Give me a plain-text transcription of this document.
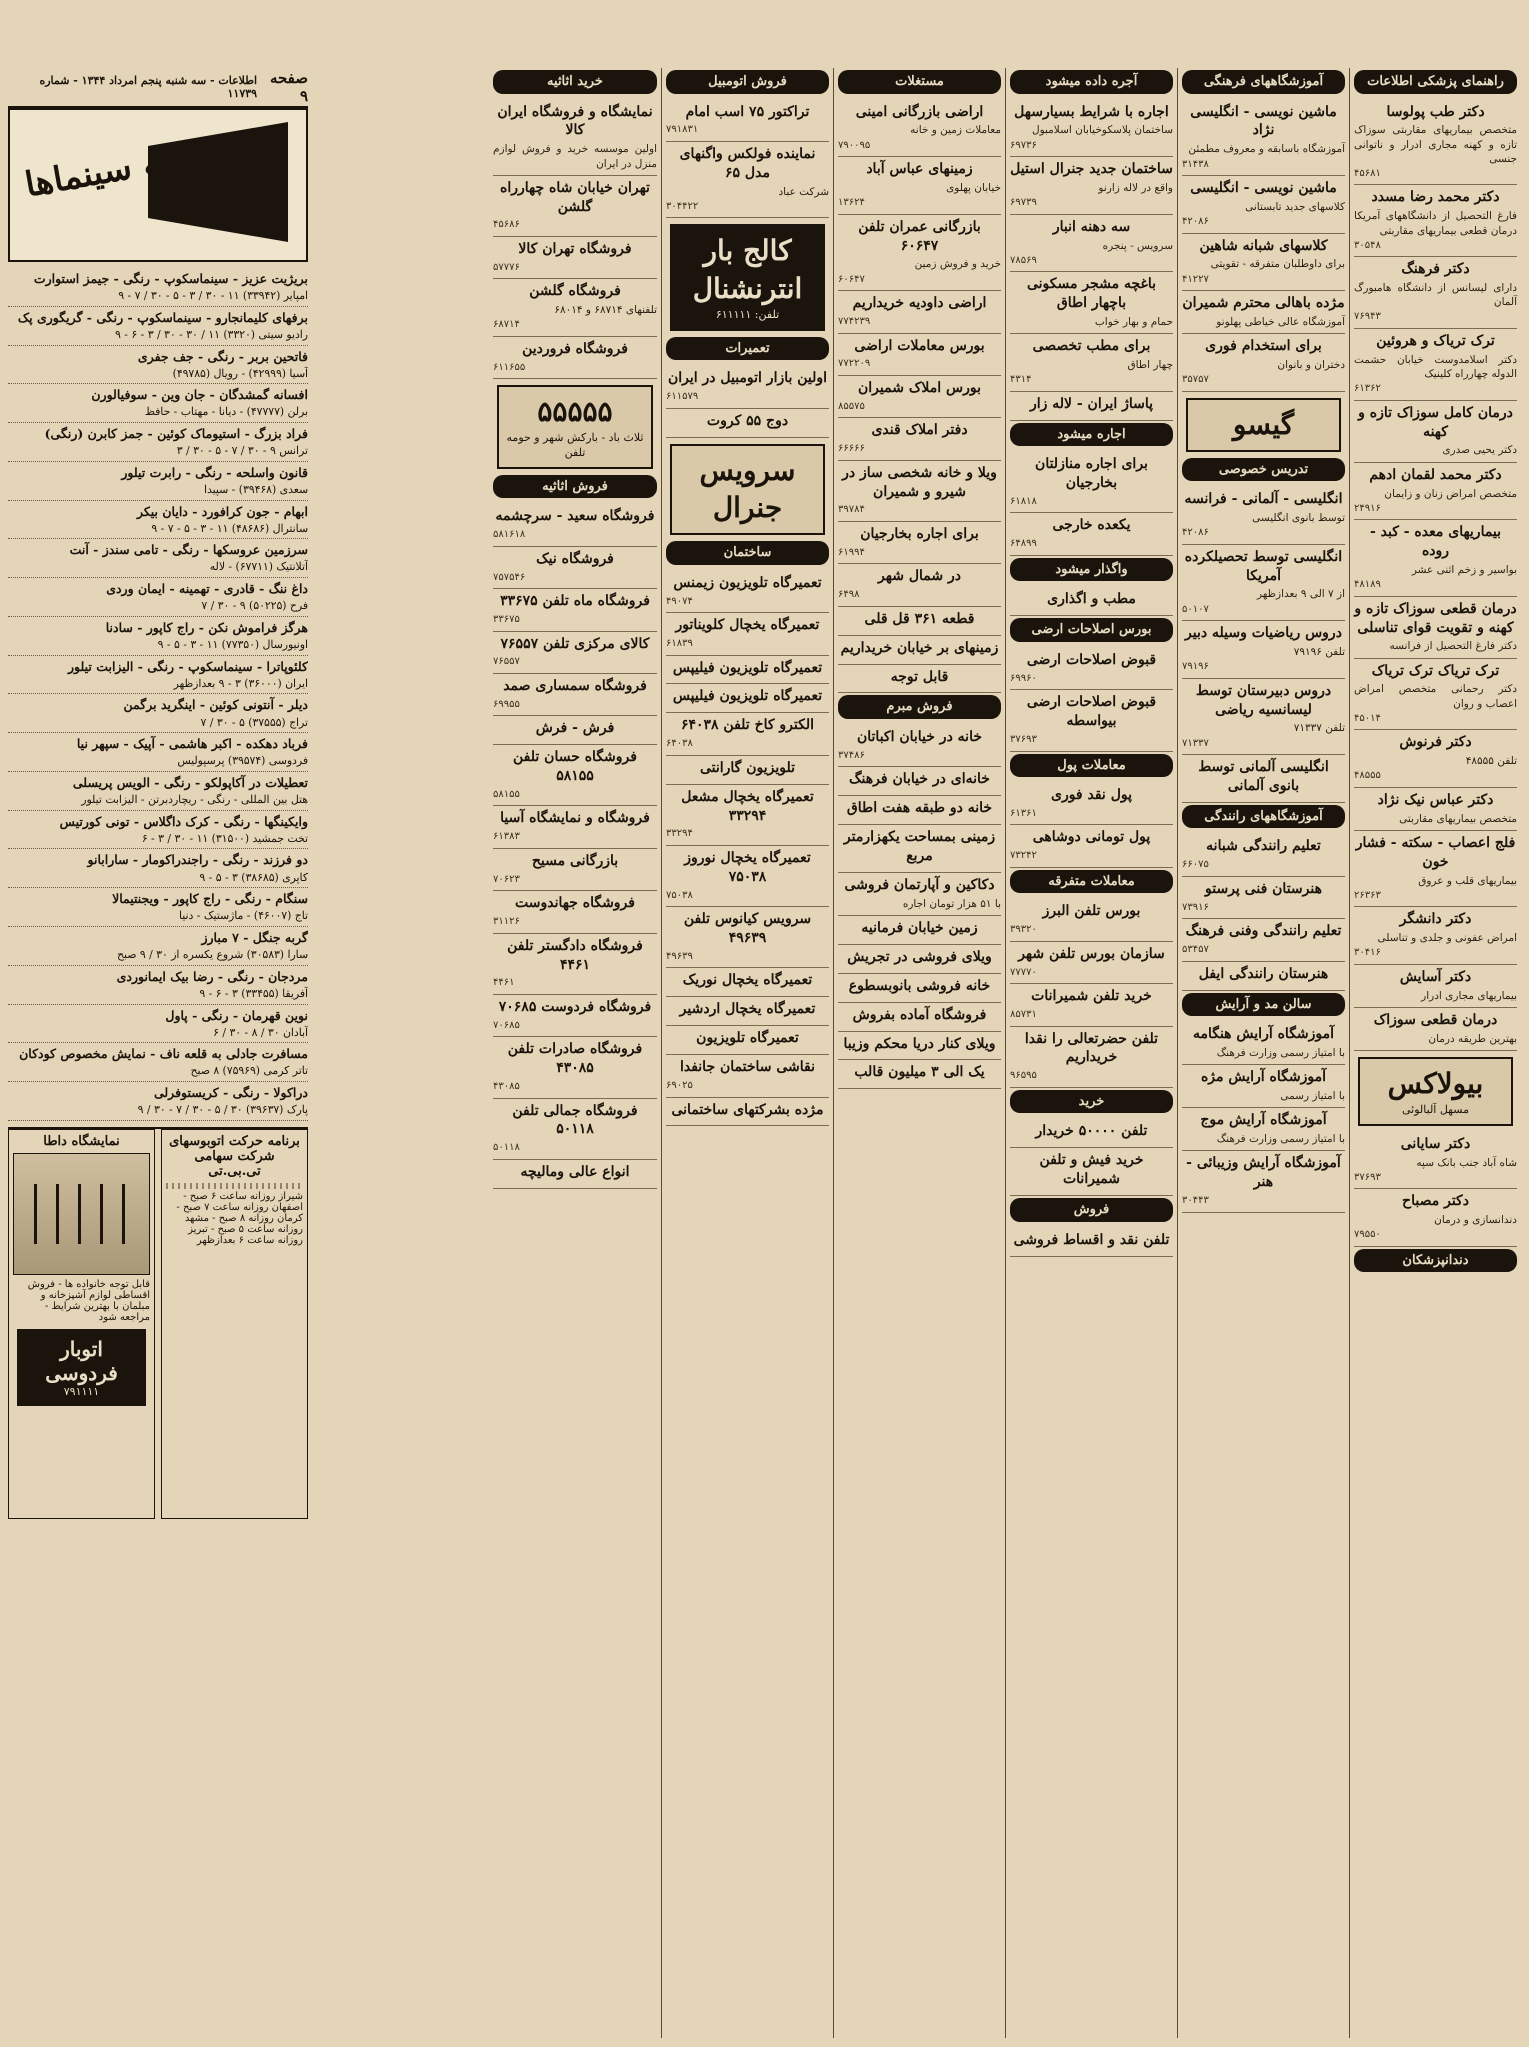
صفحه ۹
اطلاعات - سه شنبه پنجم امرداد ۱۳۴۴ - شماره ۱۱۷۳۹
برنامه سینماها
بریژیت عزیز - سینماسکوپ - رنگی - جیمز استوارت
امپایر (۳۳۹۴۲) ۱۱ - ۳۰ / ۳ - ۵ - ۳۰ / ۷ - ۹
برفهای کلیمانجارو - سینماسکوپ - رنگی - گریگوری پک
رادیو سیتی (۳۳۲۰) ۱۱ / ۳۰ - ۳۰ / ۳ - ۶ - ۹
فاتحین بربر - رنگی - جف جفری
آسیا (۴۲۹۹۹) - رویال (۴۹۷۸۵)
افسانه گمشدگان - جان وین - سوفیالورن
برلن (۴۷۷۷۷) - دیانا - مهتاب - حافظ
فراد بزرگ - استیوماک کوئین - جمز کابرن (رنگی)
ترانس ۹ - ۳۰ / ۷ - ۵ - ۳۰ / ۳
قانون واسلحه - رنگی - رابرت تیلور
سعدی (۳۹۴۶۸) - سپیدا
ابهام - جون کرافورد - دایان بیکر
سانترال (۴۸۶۸۶) ۱۱ - ۳ - ۵ - ۷ - ۹
سرزمین عروسکها - رنگی - تامی سندز - آنت
آتلانتیک (۶۷۷۱۱) - لاله
داغ ننگ - قادری - تهمینه - ایمان وردی
فرح (۵۰۲۲۵) ۹ - ۳۰ / ۷
هرگز فراموش نکن - راج کاپور - سادنا
اونیورسال (۷۷۳۵۰) ۱۱ - ۳ - ۵ - ۹
کلئوپاترا - سینماسکوپ - رنگی - الیزابت تیلور
ایران (۳۶۰۰۰) ۳ - ۹ بعدازظهر
دیلر - آنتونی کوئین - اینگرید برگمن
تراج (۳۷۵۵۵) ۵ - ۳۰ / ۷
فرباد دهکده - اکبر هاشمی - آپیک - سپهر نیا
فردوسی (۳۹۵۷۴) پرسپولیس
تعطیلات در آکاپولکو - رنگی - الویس پریسلی
هتل بین المللی - رنگی - ریچاردبرتن - الیزابت تیلور
وایکینگها - رنگی - کرک داگلاس - تونی کورتیس
تخت جمشید (۳۱۵۰۰) ۱۱ - ۳۰ / ۳ - ۶
دو فرزند - رنگی - راجندراکومار - سارابانو
کاپری (۳۸۶۸۵) ۳ - ۵ - ۹
سنگام - رنگی - راج کاپور - ویجنتیمالا
تاج (۴۶۰۰۷) - ماژستیک - دنیا
گربه جنگل - ۷ مبارز
سارا (۳۰۵۸۳) شروع یکسره از ۳۰ / ۹ صبح
مردجان - رنگی - رضا بیک ایمانوردی
آفریقا (۳۳۴۵۵) ۳ - ۶ - ۹
نوین قهرمان - رنگی - پاول
آبادان ۳۰ / ۸ - ۳۰ / ۶
مسافرت جادلی به قلعه ناف - نمایش مخصوص کودکان
تاتر کرمی (۷۵۹۶۹) ۸ صبح
دراکولا - رنگی - کریستوفرلی
پارک (۳۹۶۳۷) ۳۰ / ۵ - ۳۰ / ۷ - ۳۰ / ۹
برنامه حرکت اتوبوسهای شرکت سهامی تی.بی.تی

شیراز روزانه ساعت ۶ صبح - اصفهان روزانه ساعت ۷ صبح - کرمان روزانه ۸ صبح - مشهد روزانه ساعت ۵ صبح - تبریز روزانه ساعت ۶ بعدازظهر

نمایشگاه داطا

قابل توجه خانواده ها - فروش اقساطی لوازم آشپزخانه و مبلمان با بهترین شرایط - مراجعه شود

اتوبار فردوسی
۷۹۱۱۱۱
راهنمای پزشکی اطلاعات
دکتر طب پولوسا

متخصص بیماریهای مقاربتی سوزاک تازه و کهنه مجاری ادرار و ناتوانی جنسی

۴۵۶۸۱
دکتر محمد رضا مسدد

فارغ التحصیل از دانشگاههای آمریکا درمان قطعی بیماریهای مقاربتی

۳۰۵۴۸
دکتر فرهنگ

دارای لیسانس از دانشگاه هامبورگ آلمان

۷۶۹۴۳
ترک تریاک و هروئین

دکتر اسلامدوست خیابان حشمت الدوله چهارراه کلینیک

۶۱۳۶۲
درمان کامل سوزاک تازه و کهنه

دکتر یحیی صدری

دکتر محمد لقمان ادهم

متخصص امراض زنان و زایمان

۲۴۹۱۶
بیماریهای معده - کبد - روده

بواسیر و زخم اثنی عشر

۴۸۱۸۹
درمان قطعی سوزاک تازه و کهنه و تقویت قوای تناسلی

دکتر فارغ التحصیل از فرانسه

ترک تریاک ترک تریاک

دکتر رحمانی متخصص امراض اعصاب و روان

۴۵۰۱۴
دکتر فرنوش

تلفن ۴۸۵۵۵

۴۸۵۵۵
دکتر عباس نیک نژاد

متخصص بیماریهای مقاربتی

فلج اعصاب - سکته - فشار خون

بیماریهای قلب و عروق

۲۶۳۶۳
دکتر دانشگر

امراض عفونی و جلدی و تناسلی

۳۰۴۱۶
دکتر آسایش

بیماریهای مجاری ادرار

درمان قطعی سوزاک

بهترین طریقه درمان

بیولاکس
مسهل آلبالوئی
دکتر سایانی

شاه آباد جنب بانک سپه

۳۷۶۹۳
دکتر مصباح

دندانسازی و درمان

۷۹۵۵۰
دندانپزشکان
آموزشگاههای فرهنگی
ماشین نویسی - انگلیسی نژاد

آموزشگاه باسابقه و معروف مطمئن

۳۱۴۳۸
ماشین نویسی - انگلیسی

کلاسهای جدید تابستانی

۴۲۰۸۶
کلاسهای شبانه شاهین

برای داوطلبان متفرقه - تقویتی

۴۱۲۲۷
مژده باهالی محترم شمیران

آموزشگاه عالی خیاطی پهلونو

برای استخدام فوری

دختران و بانوان

۳۵۷۵۷
گیسو
تدریس خصوصی
انگلیسی - آلمانی - فرانسه

توسط بانوی انگلیسی

۴۲۰۸۶
انگلیسی توسط تحصیلکرده آمریکا

از ۷ الی ۹ بعدازظهر

۵۰۱۰۷
دروس ریاضیات وسیله دبیر

تلفن ۷۹۱۹۶

۷۹۱۹۶
دروس دبیرستان توسط لیسانسیه ریاضی

تلفن ۷۱۳۳۷

۷۱۳۳۷
انگلیسی آلمانی توسط بانوی آلمانی
آموزشگاههای رانندگی
تعلیم رانندگی شبانه
۶۶۰۷۵
هنرستان فنی پرستو
۷۳۹۱۶
تعلیم رانندگی وفنی فرهنگ
۵۳۴۵۷
هنرستان رانندگی ایفل
سالن مد و آرایش
آموزشگاه آرایش هنگامه

با امتیاز رسمی وزارت فرهنگ

آموزشگاه آرایش مژه

با امتیاز رسمی

آموزشگاه آرایش موج

با امتیاز رسمی وزارت فرهنگ

آموزشگاه آرایش وزیبائی - هنر
۳۰۴۴۳
آجره داده میشود
اجاره با شرایط بسیارسهل

ساختمان پلاسکوخیابان اسلامبول

۶۹۷۳۶
ساختمان جدید جنرال استیل

واقع در لاله زارنو

۶۹۷۳۹
سه دهنه انبار

سرویس - پنجره

۷۸۵۶۹
باغچه مشجر مسکونی باچهار اطاق

حمام و بهار خواب

برای مطب تخصصی

چهار اطاق

۴۳۱۴
پاساژ ایران - لاله زار
اجاره میشود
برای اجاره منازلتان بخارجیان
۶۱۸۱۸
یکعده خارجی
۶۴۸۹۹
واگذار میشود
مطب و اگذاری
بورس اصلاحات ارضی
قبوض اصلاحات ارضی
۶۹۹۶۰
قبوض اصلاحات ارضی بیواسطه
۳۷۶۹۳
معاملات پول
پول نقد فوری
۶۱۳۶۱
پول تومانی دوشاهی
۷۳۲۴۲
معاملات متفرقه
بورس تلفن البرز
۳۹۳۲۰
سازمان بورس تلفن شهر
۷۷۷۷۰
خرید تلفن شمیرانات
۸۵۷۳۱
تلفن حضرتعالی را نقدا خریداریم
۹۶۵۹۵
خرید
تلفن ۵۰۰۰۰ خریدار
خرید فیش و تلفن شمیرانات
فروش
تلفن نقد و اقساط فروشی
مستغلات
اراضی بازرگانی امینی

معاملات زمین و خانه

۷۹۰۰۹۵
زمینهای عباس آباد

خیابان پهلوی

۱۳۶۲۴
بازرگانی عمران تلفن ۶۰۶۴۷

خرید و فروش زمین

۶۰۶۴۷
اراضی داودیه خریداریم
۷۷۴۲۳۹
بورس معاملات اراضی
۷۷۲۲۰۹
بورس املاک شمیران
۸۵۵۷۵
دفتر املاک قندی
۶۶۶۶۶
ویلا و خانه شخصی ساز در شیرو و شمیران
۳۹۷۸۴
برای اجاره بخارجیان
۶۱۹۹۴
در شمال شهر
۶۴۹۸
قطعه ۳۶۱ قل قلی
زمینهای بر خیابان خریداریم
قابل توجه
فروش مبرم
خانه در خیابان اکباتان
۳۷۴۸۶
خانه‌ای در خیابان فرهنگ
خانه دو طبقه هفت اطاق
زمینی بمساحت یکهزارمتر مربع
دکاکین و آپارتمان فروشی

با ۵۱ هزار تومان اجاره

زمین خیابان فرمانیه
ویلای فروشی در تجریش
خانه فروشی بانوبسطوع
فروشگاه آماده بفروش
ویلای کنار دریا محکم وزیبا
یک الی ۳ میلیون قالب
فروش اتومبیل
تراکتور ۷۵ اسب امام
۷۹۱۸۳۱
نماینده فولکس واگنهای مدل ۶۵

شرکت عباد

۳۰۴۴۲۲
کالج بار انترنشنال
تلفن: ۶۱۱۱۱۱
تعمیرات
اولین بازار اتومبیل در ایران
۶۱۱۵۷۹
دوج ۵۵ کروت
سرویس جنرال
ساختمان
تعمیرگاه تلویزیون زیمنس
۴۹۰۷۴
تعمیرگاه یخچال کلویناتور
۶۱۸۳۹
تعمیرگاه تلویزیون فیلیپس
تعمیرگاه تلویزیون فیلیپس
الکترو کاخ تلفن ۶۴۰۳۸
۶۴۰۳۸
تلویزیون گارانتی
تعمیرگاه یخچال مشعل ۳۳۲۹۴
۳۳۲۹۴
تعمیرگاه یخچال نوروز ۷۵۰۳۸
۷۵۰۳۸
سرویس کیانوس تلفن ۴۹۶۳۹
۴۹۶۳۹
تعمیرگاه یخچال نوریک
تعمیرگاه یخچال اردشیر
تعمیرگاه تلویزیون
نقاشی ساختمان جانفدا
۶۹۰۲۵
مژده بشرکتهای ساختمانی
خرید اثاثیه
نمایشگاه و فروشگاه ایران کالا

اولین موسسه خرید و فروش لوازم منزل در ایران

تهران خیابان شاه چهارراه گلشن
۴۵۶۸۶
فروشگاه تهران کالا
۵۷۷۷۶
فروشگاه گلشن

تلفنهای ۶۸۷۱۴ و ۶۸۰۱۴

۶۸۷۱۴
فروشگاه فروردین
۶۱۱۶۵۵
۵۵۵۵۵
ثلاث باد - بارکش شهر و حومه تلفن
فروش اثاثیه
فروشگاه سعید - سرچشمه
۵۸۱۶۱۸
فروشگاه نیک
۷۵۷۵۴۶
فروشگاه ماه تلفن ۳۳۶۷۵
۳۳۶۷۵
کالای مرکزی تلفن ۷۶۵۵۷
۷۶۵۵۷
فروشگاه سمساری صمد
۶۹۹۵۵
فرش - فرش
فروشگاه حسان تلفن ۵۸۱۵۵
۵۸۱۵۵
فروشگاه و نمایشگاه آسیا
۶۱۳۸۳
بازرگانی مسیح
۷۰۶۲۳
فروشگاه جهاندوست
۳۱۱۲۶
فروشگاه دادگستر تلفن ۴۴۶۱
۴۴۶۱
فروشگاه فردوست ۷۰۶۸۵
۷۰۶۸۵
فروشگاه صادرات تلفن ۴۳۰۸۵
۴۳۰۸۵
فروشگاه جمالی تلفن ۵۰۱۱۸
۵۰۱۱۸
انواع عالی ومالیچه
